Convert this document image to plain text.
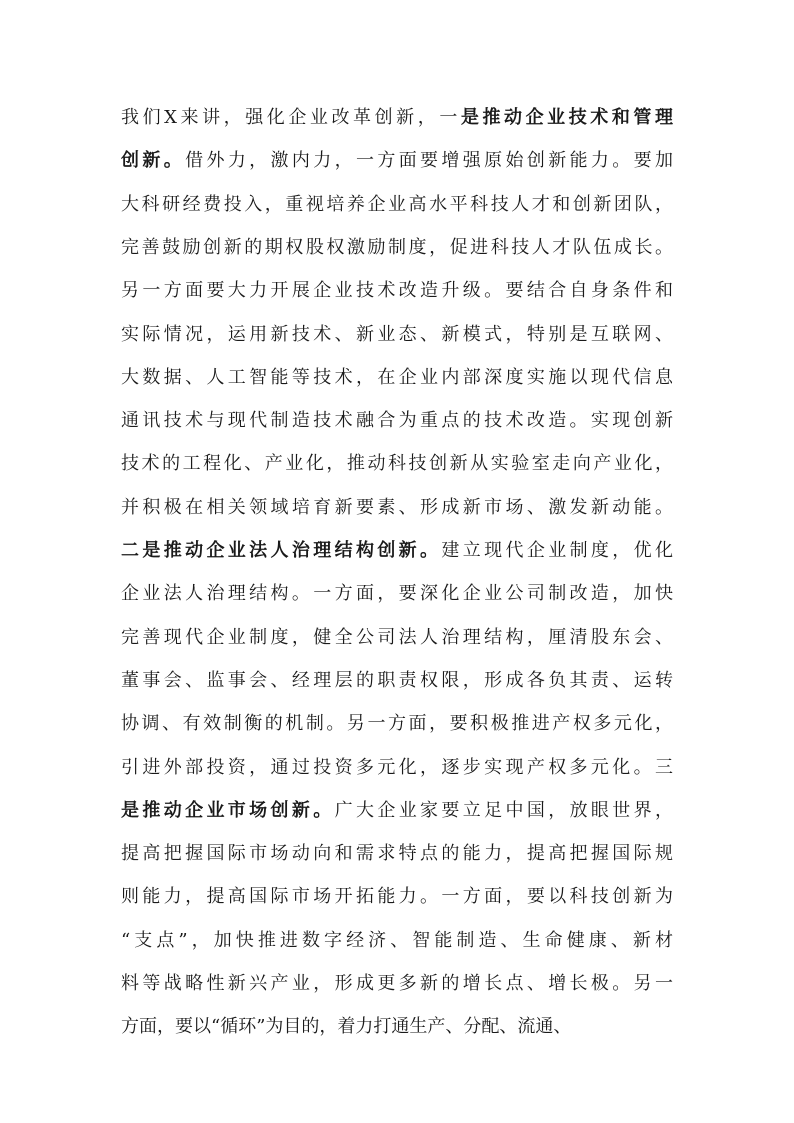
我们X来讲，强化企业改革创新，一是推动企业技术和管理
创新。借外力，激内力，一方面要增强原始创新能力。要加
大科研经费投入，重视培养企业高水平科技人才和创新团队，
完善鼓励创新的期权股权激励制度，促进科技人才队伍成长。
另一方面要大力开展企业技术改造升级。要结合自身条件和
实际情况，运用新技术、新业态、新模式，特别是互联网、
大数据、人工智能等技术，在企业内部深度实施以现代信息
通讯技术与现代制造技术融合为重点的技术改造。实现创新
技术的工程化、产业化，推动科技创新从实验室走向产业化，
并积极在相关领域培育新要素、形成新市场、激发新动能。
二是推动企业法人治理结构创新。建立现代企业制度，优化
企业法人治理结构。一方面，要深化企业公司制改造，加快
完善现代企业制度，健全公司法人治理结构，厘清股东会、
董事会、监事会、经理层的职责权限，形成各负其责、运转
协调、有效制衡的机制。另一方面，要积极推进产权多元化，
引进外部投资，通过投资多元化，逐步实现产权多元化。三
是推动企业市场创新。广大企业家要立足中国，放眼世界，
提高把握国际市场动向和需求特点的能力，提高把握国际规
则能力，提高国际市场开拓能力。一方面，要以科技创新为
“支点”，加快推进数字经济、智能制造、生命健康、新材
料等战略性新兴产业，形成更多新的增长点、增长极。另一
方面，要以“循环”为目的，着力打通生产、分配、流通、
